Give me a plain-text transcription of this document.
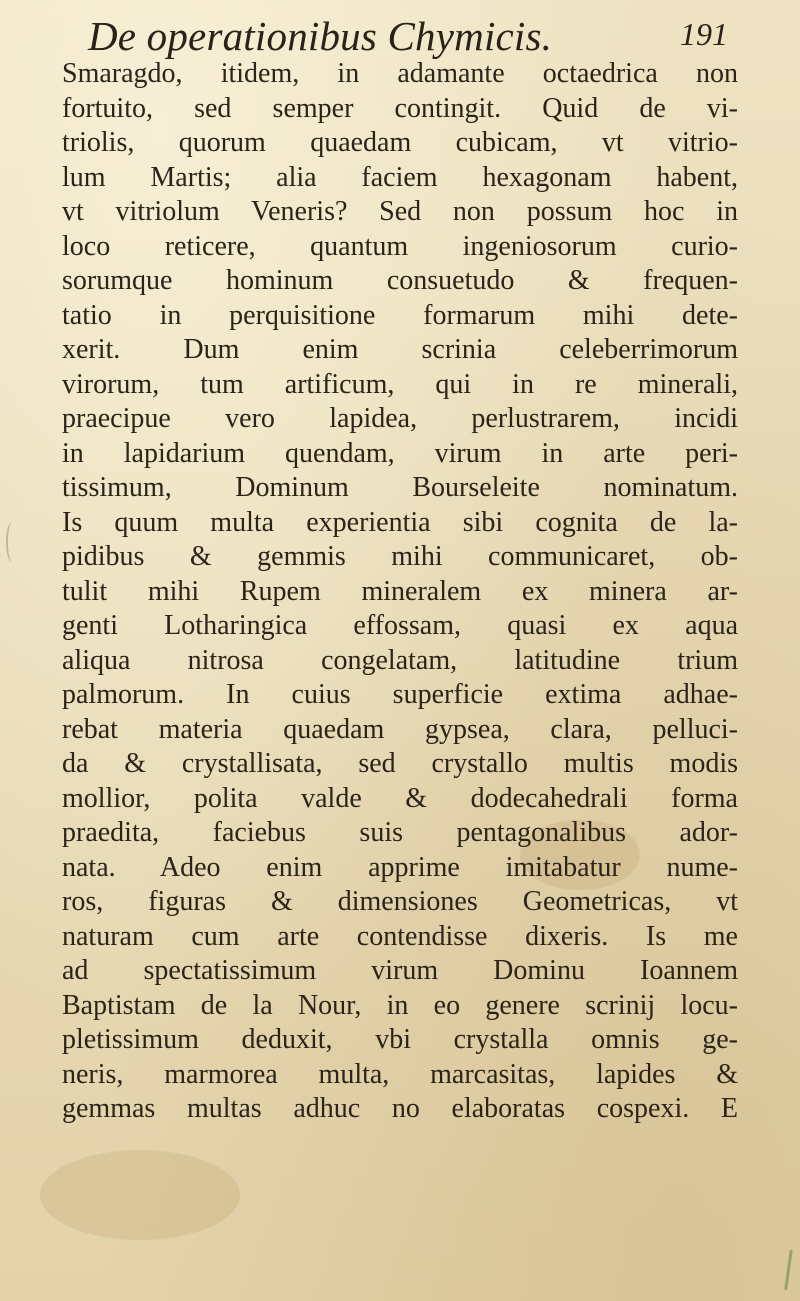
De operationibus Chymicis.	191
Smaragdo, itidem, in adamante octaedrica non
fortuito, sed semper contingit. Quid de vi-
triolis, quorum quaedam cubicam, vt vitrio-
lum Martis; alia faciem hexagonam habent,
vt vitriolum Veneris? Sed non possum hoc in
loco reticere, quantum ingeniosorum curio-
sorumque hominum consuetudo & frequen-
tatio in perquisitione formarum mihi dete-
xerit. Dum enim scrinia celeberrimorum
virorum, tum artificum, qui in re minerali,
praecipue vero lapidea, perlustrarem, incidi
in lapidarium quendam, virum in arte peri-
tissimum, Dominum Bourseleite nominatum.
Is quum multa experientia sibi cognita de la-
pidibus & gemmis mihi communicaret, ob-
tulit mihi Rupem mineralem ex minera ar-
genti Lotharingica effossam, quasi ex aqua
aliqua nitrosa congelatam, latitudine trium
palmorum. In cuius superficie extima adhae-
rebat materia quaedam gypsea, clara, pelluci-
da & crystallisata, sed crystallo multis modis
mollior, polita valde & dodecahedrali forma
praedita, faciebus suis pentagonalibus ador-
nata. Adeo enim apprime imitabatur nume-
ros, figuras & dimensiones Geometricas, vt
naturam cum arte contendisse dixeris. Is me
ad spectatissimum virum Dominu Ioannem
Baptistam de la Nour, in eo genere scrinij locu-
pletissimum deduxit, vbi crystalla omnis ge-
neris, marmorea multa, marcasitas, lapides &
gemmas multas adhuc no elaboratas cospexi. E
